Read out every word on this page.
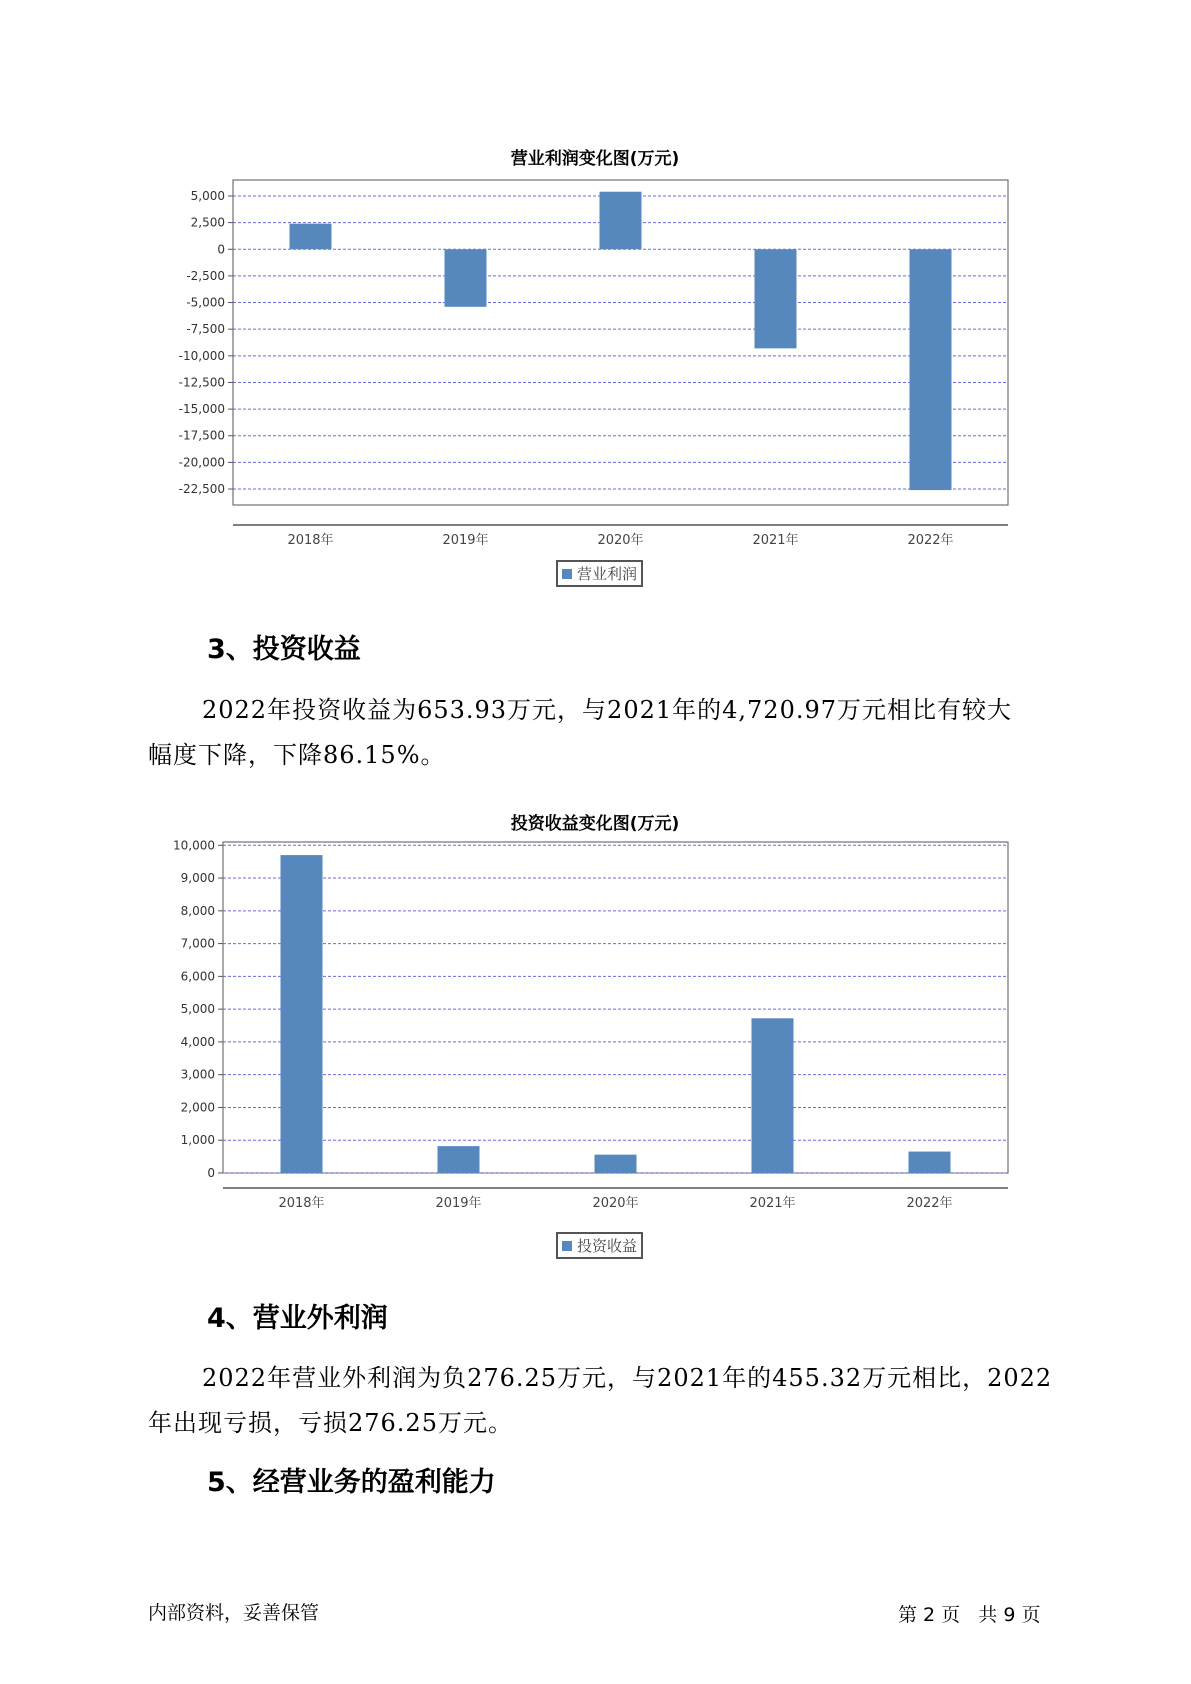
营业利润变化图(万元)
5,000
2,500
0
-2,500
-5,000
-7,500
-10,000
-12,500
-15,000
-17,500
-20,000
-22,500
2018年	2019年	2020年	2021年	2022年
营业利润
3、投资收益
2022年投资收益为653.93万元，与2021年的4,720.97万元相比有较大
幅度下降，下降86.15%。
投资收益变化图(万元)
10,000
9,000
8,000
7,000
6,000
5,000
4,000
3,000
2,000
1,000
0
2018年	2019年	2020年	2021年	2022年
投资收益
4、营业外利润
2022年营业外利润为负276.25万元，与2021年的455.32万元相比，2022
年出现亏损，亏损276.25万元。
5、经营业务的盈利能力
内部资料，妥善保管	第 2 页   共 9 页
